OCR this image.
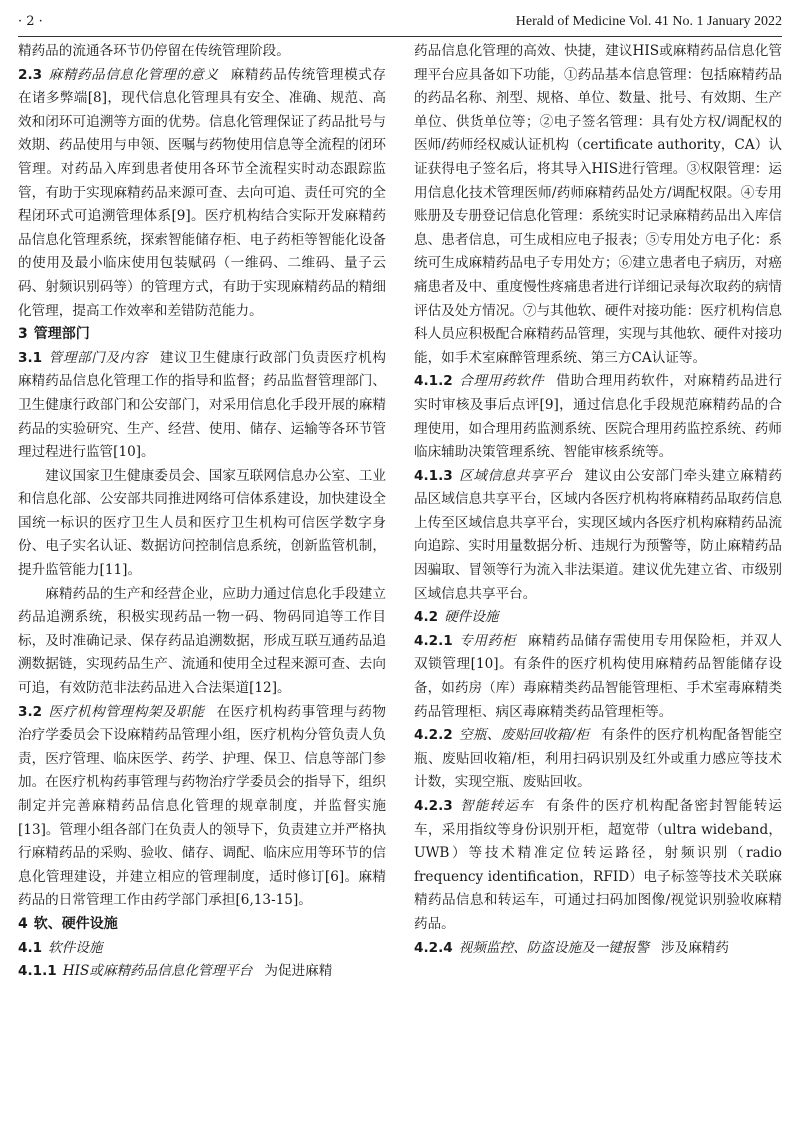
· 2 ·	Herald of Medicine Vol. 41 No. 1 January 2022

精药品的流通各环节仍停留在传统管理阶段。

2.3 麻精药品信息化管理的意义 麻精药品传统管理模式存在诸多弊端[8]，现代信息化管理具有安全、准确、规范、高效和闭环可追溯等方面的优势。信息化管理保证了药品批号与效期、药品使用与申领、医嘱与药物使用信息等全流程的闭环管理。对药品入库到患者使用各环节全流程实时动态跟踪监管，有助于实现麻精药品来源可查、去向可追、责任可究的全程闭环式可追溯管理体系[9]。医疗机构结合实际开发麻精药品信息化管理系统，探索智能储存柜、电子药柜等智能化设备的使用及最小临床使用包装赋码（一维码、二维码、量子云码、射频识别码等）的管理方式，有助于实现麻精药品的精细化管理，提高工作效率和差错防范能力。

3 管理部门

3.1 管理部门及内容 建议卫生健康行政部门负责医疗机构麻精药品信息化管理工作的指导和监督；药品监督管理部门、卫生健康行政部门和公安部门，对采用信息化手段开展的麻精药品的实验研究、生产、经营、使用、储存、运输等各环节管理过程进行监管[10]。

建议国家卫生健康委员会、国家互联网信息办公室、工业和信息化部、公安部共同推进网络可信体系建设，加快建设全国统一标识的医疗卫生人员和医疗卫生机构可信医学数字身份、电子实名认证、数据访问控制信息系统，创新监管机制，提升监管能力[11]。

麻精药品的生产和经营企业，应助力通过信息化手段建立药品追溯系统，积极实现药品一物一码、物码同追等工作目标，及时准确记录、保存药品追溯数据，形成互联互通药品追溯数据链，实现药品生产、流通和使用全过程来源可查、去向可追，有效防范非法药品进入合法渠道[12]。

3.2 医疗机构管理构架及职能 在医疗机构药事管理与药物治疗学委员会下设麻精药品管理小组，医疗机构分管负责人负责，医疗管理、临床医学、药学、护理、保卫、信息等部门参加。在医疗机构药事管理与药物治疗学委员会的指导下，组织制定并完善麻精药品信息化管理的规章制度，并监督实施[13]。管理小组各部门在负责人的领导下，负责建立并严格执行麻精药品的采购、验收、储存、调配、临床应用等环节的信息化管理建设，并建立相应的管理制度，适时修订[6]。麻精药品的日常管理工作由药学部门承担[6,13-15]。

4 软、硬件设施

4.1 软件设施

4.1.1 HIS或麻精药品信息化管理平台 为促进麻精

药品信息化管理的高效、快捷，建议HIS或麻精药品信息化管理平台应具备如下功能，①药品基本信息管理：包括麻精药品的药品名称、剂型、规格、单位、数量、批号、有效期、生产单位、供货单位等；②电子签名管理：具有处方权/调配权的医师/药师经权威认证机构（certificate authority，CA）认证获得电子签名后，将其导入HIS进行管理。③权限管理：运用信息化技术管理医师/药师麻精药品处方/调配权限。④专用账册及专册登记信息化管理：系统实时记录麻精药品出入库信息、患者信息，可生成相应电子报表；⑤专用处方电子化：系统可生成麻精药品电子专用处方；⑥建立患者电子病历，对癌痛患者及中、重度慢性疼痛患者进行详细记录每次取药的病情评估及处方情况。⑦与其他软、硬件对接功能：医疗机构信息科人员应积极配合麻精药品管理，实现与其他软、硬件对接功能，如手术室麻醉管理系统、第三方CA认证等。

4.1.2 合理用药软件 借助合理用药软件，对麻精药品进行实时审核及事后点评[9]，通过信息化手段规范麻精药品的合理使用，如合理用药监测系统、医院合理用药监控系统、药师临床辅助决策管理系统、智能审核系统等。

4.1.3 区域信息共享平台 建议由公安部门牵头建立麻精药品区域信息共享平台，区域内各医疗机构将麻精药品取药信息上传至区域信息共享平台，实现区域内各医疗机构麻精药品流向追踪、实时用量数据分析、违规行为预警等，防止麻精药品因骗取、冒领等行为流入非法渠道。建议优先建立省、市级别区域信息共享平台。

4.2 硬件设施

4.2.1 专用药柜 麻精药品储存需使用专用保险柜，并双人双锁管理[10]。有条件的医疗机构使用麻精药品智能储存设备，如药房（库）毒麻精类药品智能管理柜、手术室毒麻精类药品管理柜、病区毒麻精类药品管理柜等。

4.2.2 空瓶、废贴回收箱/柜 有条件的医疗机构配备智能空瓶、废贴回收箱/柜，利用扫码识别及红外或重力感应等技术计数，实现空瓶、废贴回收。

4.2.3 智能转运车 有条件的医疗机构配备密封智能转运车，采用指纹等身份识别开柜，超宽带（ultra wideband，UWB）等技术精准定位转运路径，射频识别（radio frequency identification，RFID）电子标签等技术关联麻精药品信息和转运车，可通过扫码加图像/视觉识别验收麻精药品。

4.2.4 视频监控、防盗设施及一键报警 涉及麻精药
